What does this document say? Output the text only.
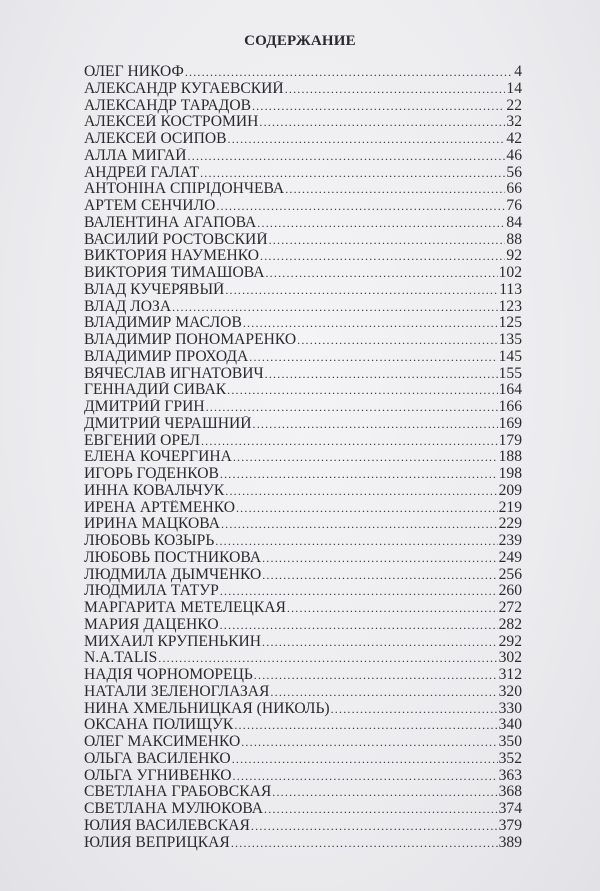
СОДЕРЖАНИЕ
ОЛЕГ НИКОФ .....	4
АЛЕКСАНДР КУГАЕВСКИЙ .....	14
АЛЕКСАНДР ТАРАДОВ .....	22
АЛЕКСЕЙ КОСТРОМИН .....	32
АЛЕКСЕЙ ОСИПОВ .....	42
АЛЛА МИГАЙ .....	46
АНДРЕЙ ГАЛАТ .....	56
АНТОНІНА СПІРІДОНЧЕВА .....	66
АРТЕМ СЕНЧИЛО .....	76
ВАЛЕНТИНА АГАПОВА .....	84
ВАСИЛИЙ РОСТОВСКИЙ .....	88
ВИКТОРИЯ НАУМЕНКО .....	92
ВИКТОРИЯ ТИМАШОВА .....	102
ВЛАД КУЧЕРЯВЫЙ .....	113
ВЛАД ЛОЗА .....	123
ВЛАДИМИР МАСЛОВ .....	125
ВЛАДИМИР ПОНОМАРЕНКО .....	135
ВЛАДИМИР ПРОХОДА .....	145
ВЯЧЕСЛАВ ИГНАТОВИЧ .....	155
ГЕННАДИЙ СИВАК .....	164
ДМИТРИЙ ГРИН .....	166
ДМИТРИЙ ЧЕРАШНИЙ .....	169
ЕВГЕНИЙ ОРЕЛ .....	179
ЕЛЕНА КОЧЕРГИНА .....	188
ИГОРЬ ГОДЕНКОВ .....	198
ИННА КОВАЛЬЧУК .....	209
ИРЕНА АРТЁМЕНКО .....	219
ИРИНА МАЦКОВА .....	229
ЛЮБОВЬ КОЗЫРЬ .....	239
ЛЮБОВЬ ПОСТНИКОВА .....	249
ЛЮДМИЛА ДЫМЧЕНКО .....	256
ЛЮДМИЛА ТАТУР .....	260
МАРГАРИТА МЕТЕЛЕЦКАЯ .....	272
МАРИЯ ДАЦЕНКО .....	282
МИХАИЛ КРУПЕНЬКИН .....	292
N.A.TALIS .....	302
НАДІЯ ЧОРНОМОРЕЦЬ .....	312
НАТАЛИ ЗЕЛЕНОГЛАЗАЯ .....	320
НИНА ХМЕЛЬНИЦКАЯ (НИКОЛЬ) .....	330
ОКСАНА ПОЛИЩУК .....	340
ОЛЕГ МАКСИМЕНКО .....	350
ОЛЬГА ВАСИЛЕНКО .....	352
ОЛЬГА УГНИВЕНКО .....	363
СВЕТЛАНА ГРАБОВСКАЯ .....	368
СВЕТЛАНА МУЛЮКОВА .....	374
ЮЛИЯ ВАСИЛЕВСКАЯ .....	379
ЮЛИЯ ВЕПРИЦКАЯ .....	389
